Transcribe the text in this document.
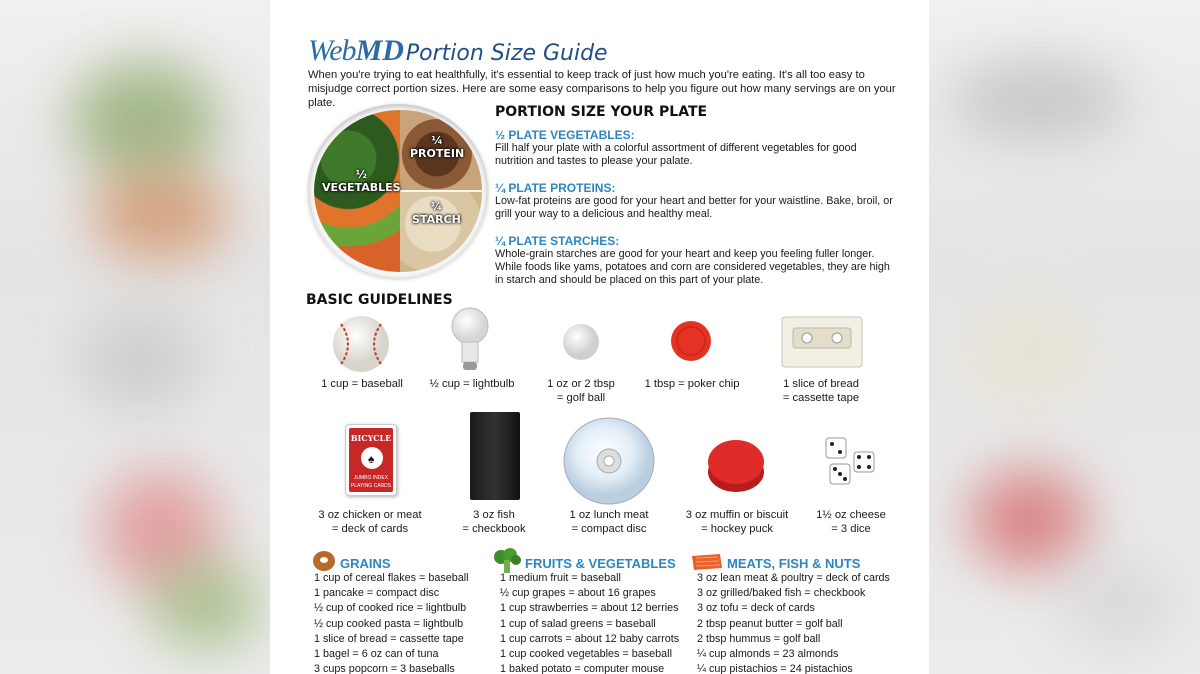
Web MD Portion Size Guide
When you're trying to eat healthfully, it's essential to keep track of just how much you're eating. It's all too easy to misjudge correct portion sizes. Here are some easy comparisons to help you figure out how many servings are on your plate.
½
VEGETABLES
¼
PROTEIN
¼
STARCH
PORTION SIZE YOUR PLATE
½ PLATE VEGETABLES:
Fill half your plate with a colorful assortment of different vegetables for good nutrition and tastes to please your palate.
¼ PLATE PROTEINS:
Low-fat proteins are good for your heart and better for your waistline. Bake, broil, or grill your way to a delicious and healthy meal.
¼ PLATE STARCHES:
Whole-grain starches are good for your heart and keep you feeling fuller longer. While foods like yams, potatoes and corn are considered vegetables, they are high in starch and should be placed on this part of your plate.
BASIC GUIDELINES
1 cup = baseball	½ cup = lightbulb	1 oz or 2 tbsp
= golf ball
1 tbsp = poker chip	1 slice of bread
= cassette tape
BICYCLE
♠
JUMBO INDEX
PLAYING CARDS
3 oz chicken or meat
= deck of cards
3 oz fish
= checkbook
1 oz lunch meat
= compact disc
3 oz muffin or biscuit
= hockey puck
1½ oz cheese
= 3 dice
GRAINS
1 cup of cereal flakes = baseball
1 pancake = compact disc
½ cup of cooked rice = lightbulb
½ cup cooked pasta = lightbulb
1 slice of bread = cassette tape
1 bagel = 6 oz can of tuna
3 cups popcorn = 3 baseballs
FRUITS & VEGETABLES
1 medium fruit = baseball
½ cup grapes = about 16 grapes
1 cup strawberries = about 12 berries
1 cup of salad greens = baseball
1 cup carrots = about 12 baby carrots
1 cup cooked vegetables = baseball
1 baked potato = computer mouse
MEATS, FISH & NUTS
3 oz lean meat & poultry = deck of cards
3 oz grilled/baked fish = checkbook
3 oz tofu = deck of cards
2 tbsp peanut butter = golf ball
2 tbsp hummus = golf ball
¼ cup almonds = 23 almonds
¼ cup pistachios = 24 pistachios
